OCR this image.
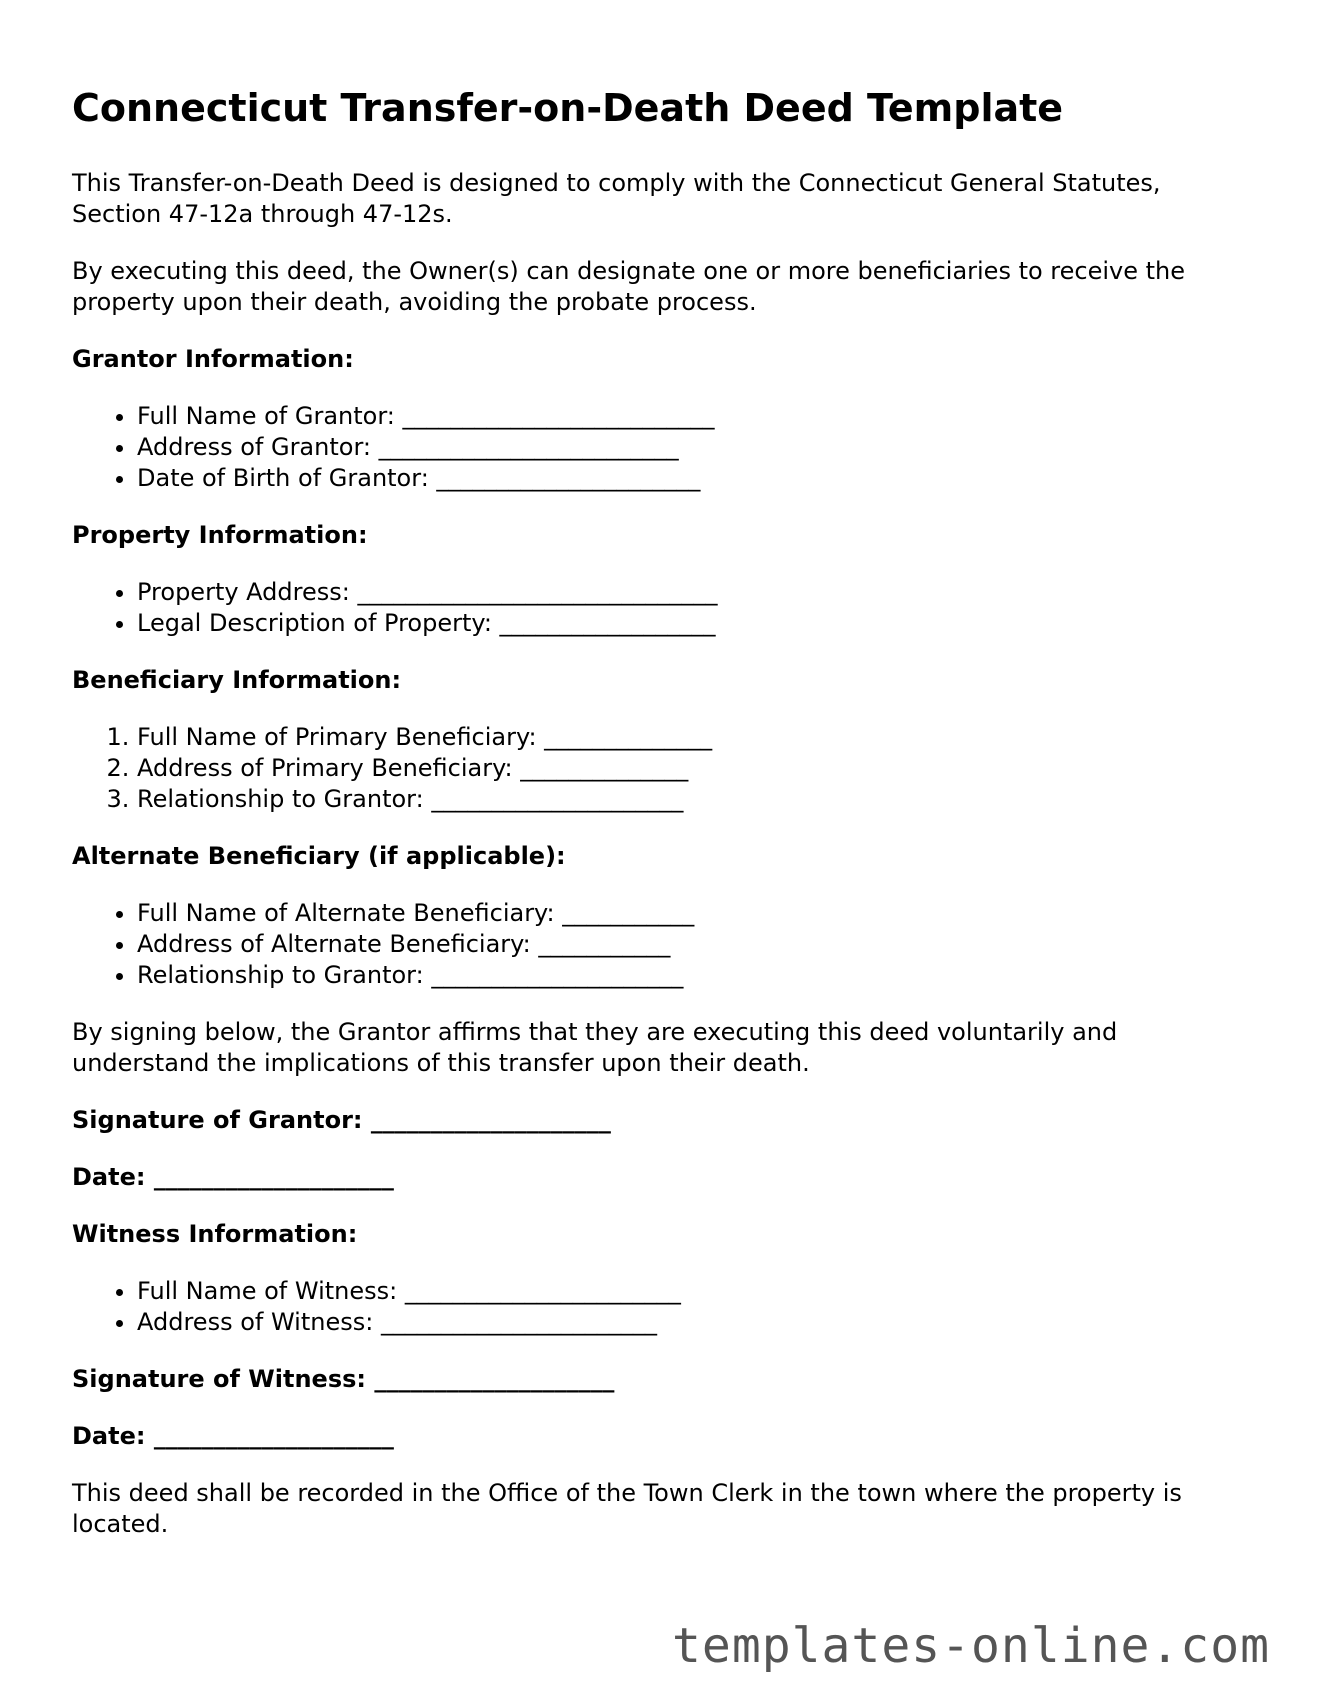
Connecticut Transfer-on-Death Deed Template

This Transfer-on-Death Deed is designed to comply with the Connecticut General Statutes, Section 47-12a through 47-12s.

By executing this deed, the Owner(s) can designate one or more beneficiaries to receive the property upon their death, avoiding the probate process.

Grantor Information:
• Full Name of Grantor: __________________________
• Address of Grantor: _________________________
• Date of Birth of Grantor: ______________________
Property Information:
• Property Address: ______________________________
• Legal Description of Property: __________________
Beneficiary Information:
1. Full Name of Primary Beneficiary: ______________
2. Address of Primary Beneficiary: ______________
3. Relationship to Grantor: _____________________
Alternate Beneficiary (if applicable):
• Full Name of Alternate Beneficiary: ___________
• Address of Alternate Beneficiary: ___________
• Relationship to Grantor: _____________________

By signing below, the Grantor affirms that they are executing this deed voluntarily and understand the implications of this transfer upon their death.

Signature of Grantor: ____________________
Date: ____________________
Witness Information:
• Full Name of Witness: _______________________
• Address of Witness: _______________________
Signature of Witness: ____________________
Date: ____________________

This deed shall be recorded in the Office of the Town Clerk in the town where the property is located.

templates-online.com
